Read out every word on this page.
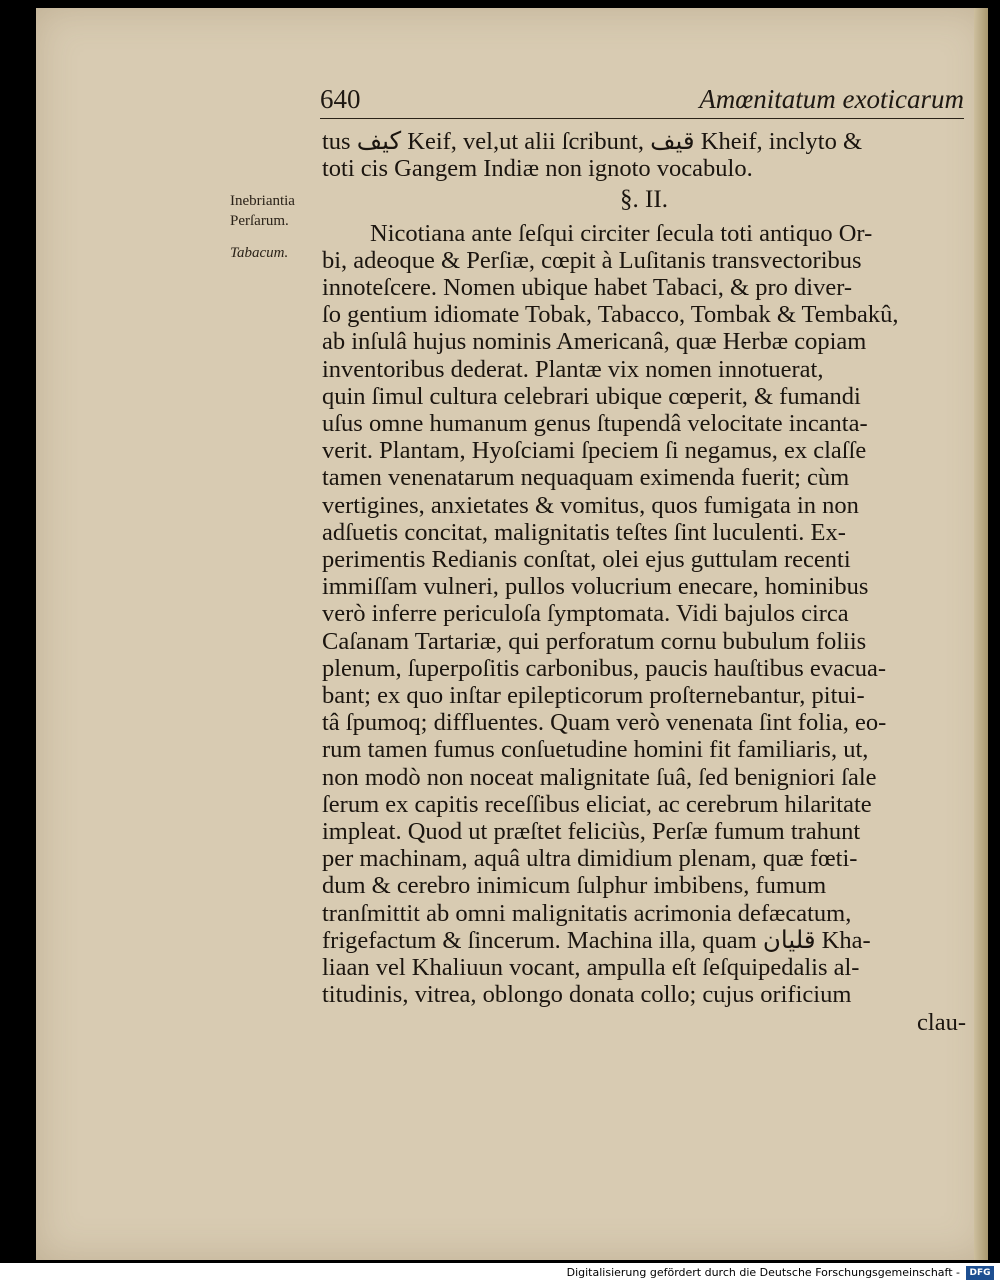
640	Amœnitatum exoticarum
Inebriantia
Perſarum.
Tabacum.
tus كيف Keif, vel,ut alii ſcribunt, قيف Kheif, inclyto &
toti cis Gangem Indiæ non ignoto vocabulo.
§. II.
Nicotiana ante ſeſqui circiter ſecula toti antiquo Or-
bi, adeoque & Perſiæ, cœpit à Luſitanis transvectoribus
innoteſcere. Nomen ubique habet Tabaci, & pro diver-
ſo gentium idiomate Tobak, Tabacco, Tombak & Tembakû,
ab inſulâ hujus nominis Americanâ, quæ Herbæ copiam
inventoribus dederat. Plantæ vix nomen innotuerat,
quin ſimul cultura celebrari ubique cœperit, & fumandi
uſus omne humanum genus ſtupendâ velocitate incanta-
verit. Plantam, Hyoſciami ſpeciem ſi negamus, ex claſſe
tamen venenatarum nequaquam eximenda fuerit; cùm
vertigines, anxietates & vomitus, quos fumigata in non
adſuetis concitat, malignitatis teſtes ſint luculenti. Ex-
perimentis Redianis conſtat, olei ejus guttulam recenti
immiſſam vulneri, pullos volucrium enecare, hominibus
verò inferre periculoſa ſymptomata. Vidi bajulos circa
Caſanam Tartariæ, qui perforatum cornu bubulum foliis
plenum, ſuperpoſitis carbonibus, paucis hauſtibus evacua-
bant; ex quo inſtar epilepticorum proſternebantur, pitui-
tâ ſpumoq; diffluentes. Quam verò venenata ſint folia, eo-
rum tamen fumus conſuetudine homini fit familiaris, ut,
non modò non noceat malignitate ſuâ, ſed benigniori ſale
ſerum ex capitis receſſibus eliciat, ac cerebrum hilaritate
impleat. Quod ut præſtet feliciùs, Perſæ fumum trahunt
per machinam, aquâ ultra dimidium plenam, quæ fœti-
dum & cerebro inimicum ſulphur imbibens, fumum
tranſmittit ab omni malignitatis acrimonia defæcatum,
frigefactum & ſincerum. Machina illa, quam قليان Kha-
liaan vel Khaliuun vocant, ampulla eſt ſeſquipedalis al-
titudinis, vitrea, oblongo donata collo; cujus orificium
clau-
Digitalisierung gefördert durch die Deutsche Forschungsgemeinschaft -	DFG
